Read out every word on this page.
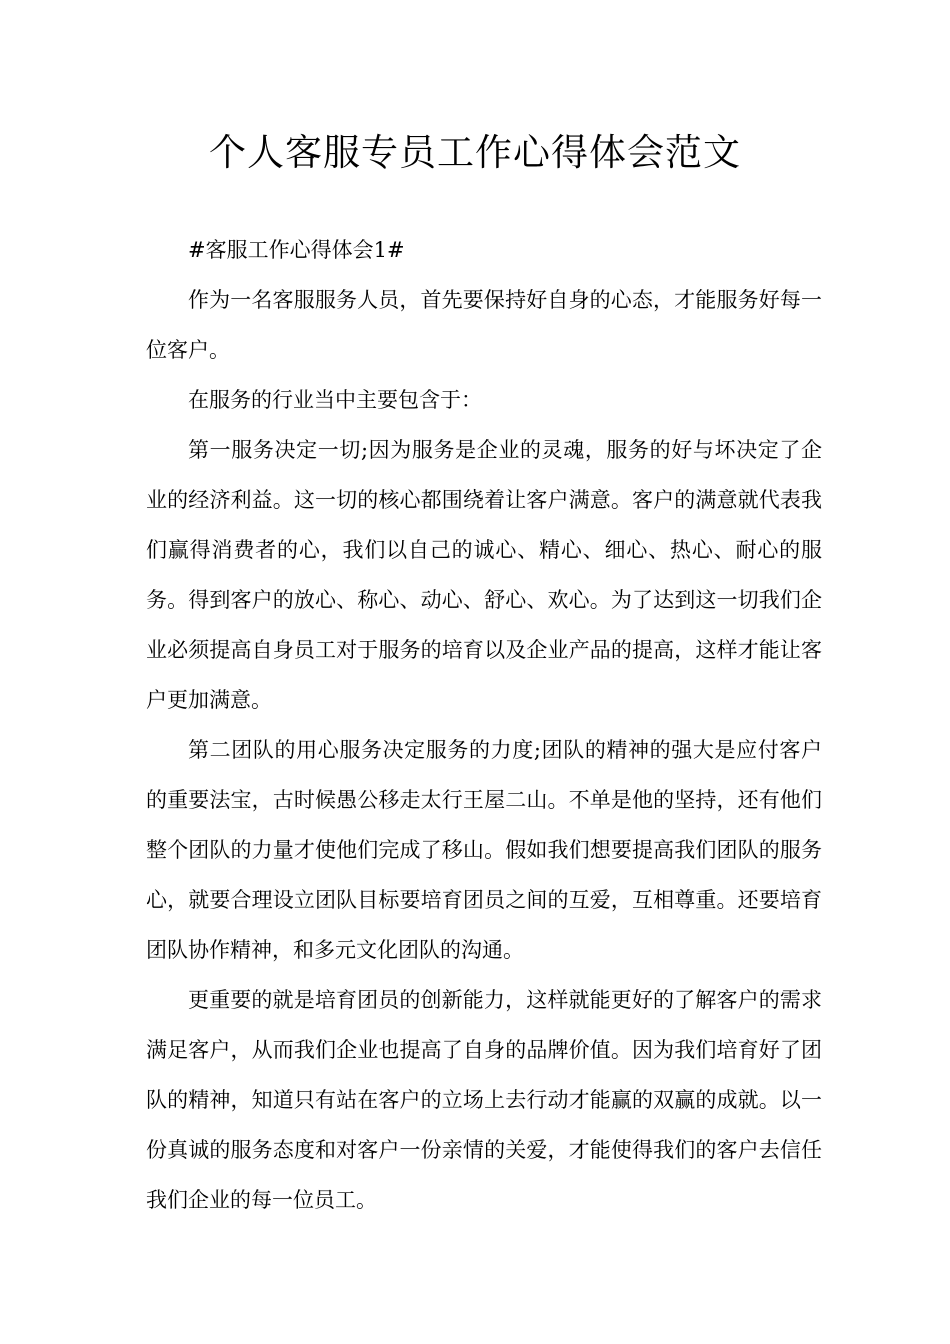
个人客服专员工作心得体会范文

#客服工作心得体会1#

作为一名客服服务人员，首先要保持好自身的心态，才能服务好每一位客户。

在服务的行业当中主要包含于：

第一服务决定一切;因为服务是企业的灵魂，服务的好与坏决定了企业的经济利益。这一切的核心都围绕着让客户满意。客户的满意就代表我们赢得消费者的心，我们以自己的诚心、精心、细心、热心、耐心的服务。得到客户的放心、称心、动心、舒心、欢心。为了达到这一切我们企业必须提高自身员工对于服务的培育以及企业产品的提高，这样才能让客户更加满意。

第二团队的用心服务决定服务的力度;团队的精神的强大是应付客户的重要法宝，古时候愚公移走太行王屋二山。不单是他的坚持，还有他们整个团队的力量才使他们完成了移山。假如我们想要提高我们团队的服务心，就要合理设立团队目标要培育团员之间的互爱，互相尊重。还要培育团队协作精神，和多元文化团队的沟通。

更重要的就是培育团员的创新能力，这样就能更好的了解客户的需求满足客户，从而我们企业也提高了自身的品牌价值。因为我们培育好了团队的精神，知道只有站在客户的立场上去行动才能赢的双赢的成就。以一份真诚的服务态度和对客户一份亲情的关爱，才能使得我们的客户去信任我们企业的每一位员工。
